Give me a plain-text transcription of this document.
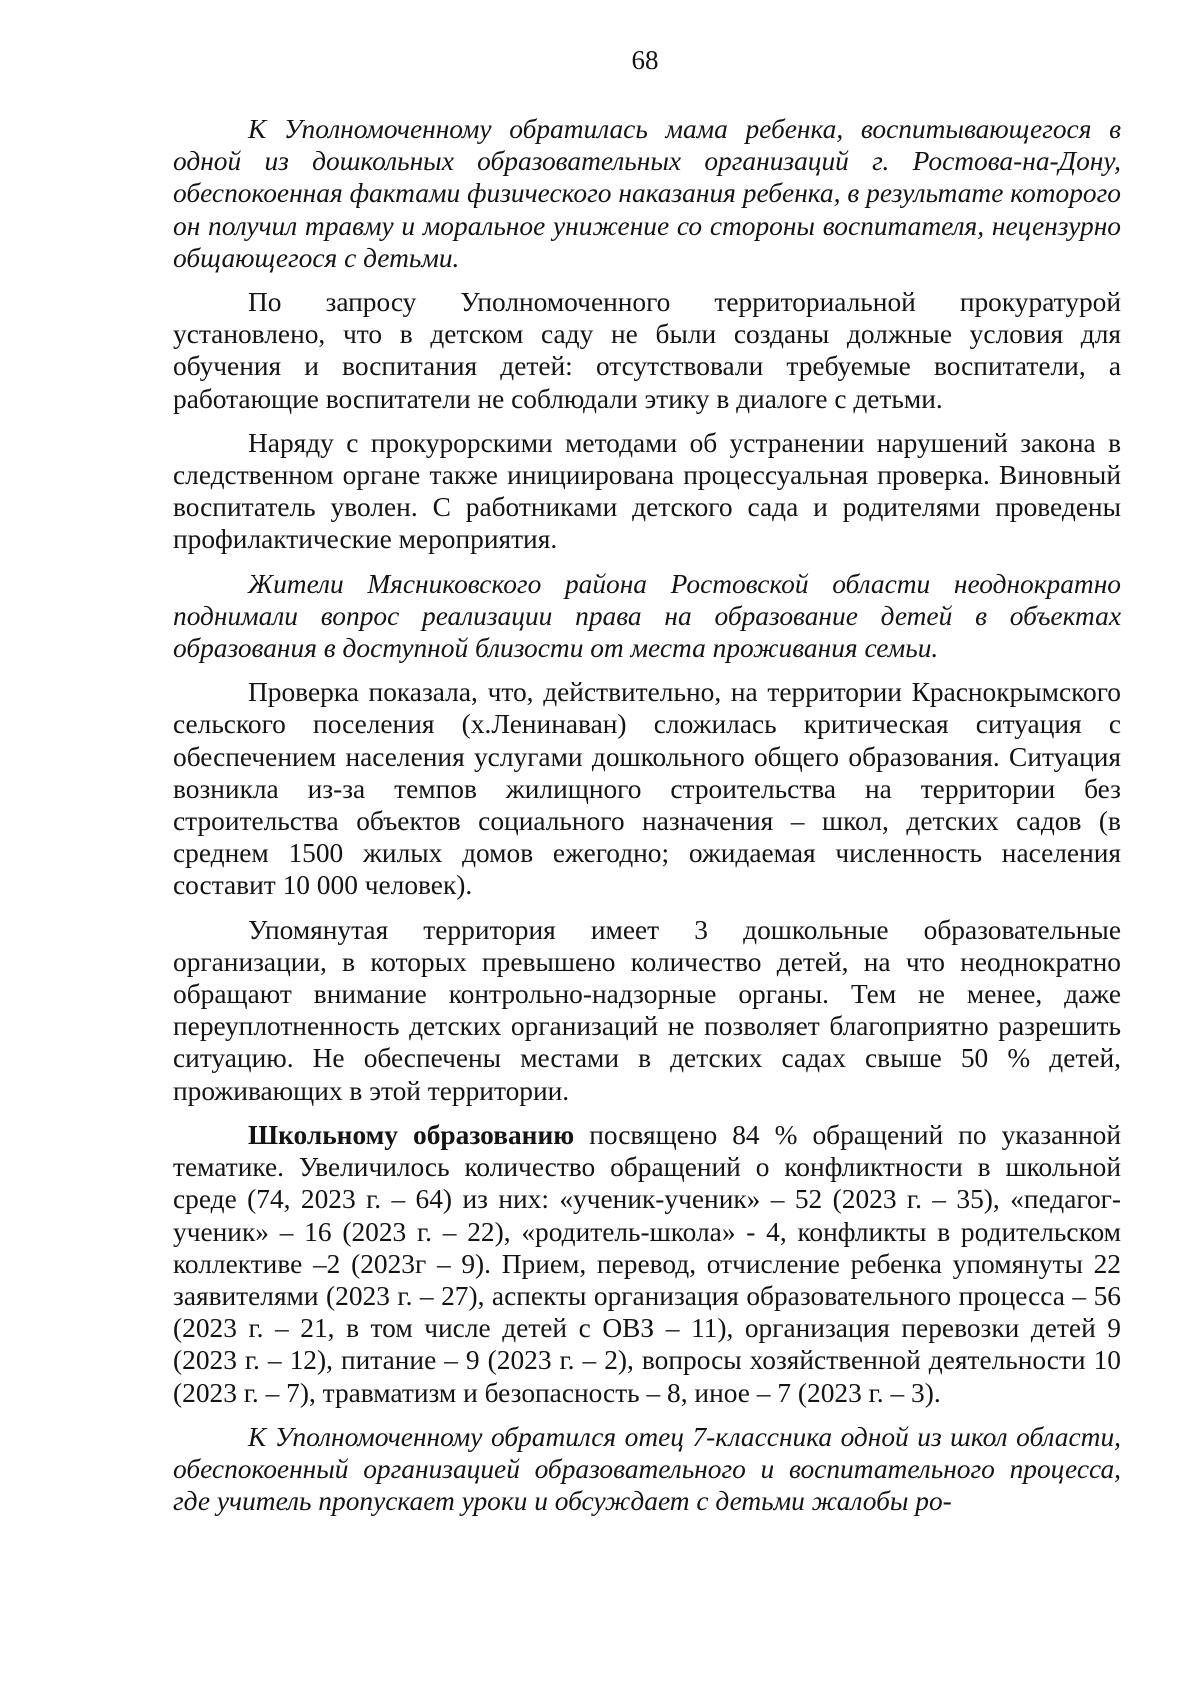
68

К Уполномоченному обратилась мама ребенка, воспитывающегося в одной из дошкольных образовательных организаций г. Ростова-на-Дону, обеспокоенная фактами физического наказания ребенка, в результате которого он получил травму и моральное унижение со стороны воспитателя, нецензурно общающегося с детьми.

По запросу Уполномоченного территориальной прокуратурой установлено, что в детском саду не были созданы должные условия для обучения и воспитания детей: отсутствовали требуемые воспитатели, а работающие воспитатели не соблюдали этику в диалоге с детьми.

Наряду с прокурорскими методами об устранении нарушений закона в следственном органе также инициирована процессуальная проверка. Виновный воспитатель уволен. С работниками детского сада и родителями проведены профилактические мероприятия.

Жители Мясниковского района Ростовской области неоднократно поднимали вопрос реализации права на образование детей в объектах образования в доступной близости от места проживания семьи.

Проверка показала, что, действительно, на территории Краснокрымского сельского поселения (х.Ленинаван) сложилась критическая ситуация с обеспечением населения услугами дошкольного общего образования. Ситуация возникла из-за темпов жилищного строительства на территории без строительства объектов социального назначения – школ, детских садов (в среднем 1500 жилых домов ежегодно; ожидаемая численность населения составит 10 000 человек).

Упомянутая территория имеет 3 дошкольные образовательные организации, в которых превышено количество детей, на что неоднократно обращают внимание контрольно-надзорные органы. Тем не менее, даже переуплотненность детских организаций не позволяет благоприятно разрешить ситуацию. Не обеспечены местами в детских садах свыше 50 % детей, проживающих в этой территории.

Школьному образованию посвящено 84 % обращений по указанной тематике. Увеличилось количество обращений о конфликтности в школьной среде (74, 2023 г. – 64) из них: «ученик-ученик» – 52 (2023 г. – 35), «педагог-ученик» – 16 (2023 г. – 22), «родитель-школа» - 4, конфликты в родительском коллективе –2 (2023г – 9). Прием, перевод, отчисление ребенка упомянуты 22 заявителями (2023 г. – 27), аспекты организация образовательного процесса – 56 (2023 г. – 21, в том числе детей с ОВЗ – 11), организация перевозки детей 9 (2023 г. – 12), питание – 9 (2023 г. – 2), вопросы хозяйственной деятельности 10 (2023 г. – 7), травматизм и безопасность – 8, иное – 7 (2023 г. – 3).

К Уполномоченному обратился отец 7-классника одной из школ области, обеспокоенный организацией образовательного и воспитательного процесса, где учитель пропускает уроки и обсуждает с детьми жалобы ро-
